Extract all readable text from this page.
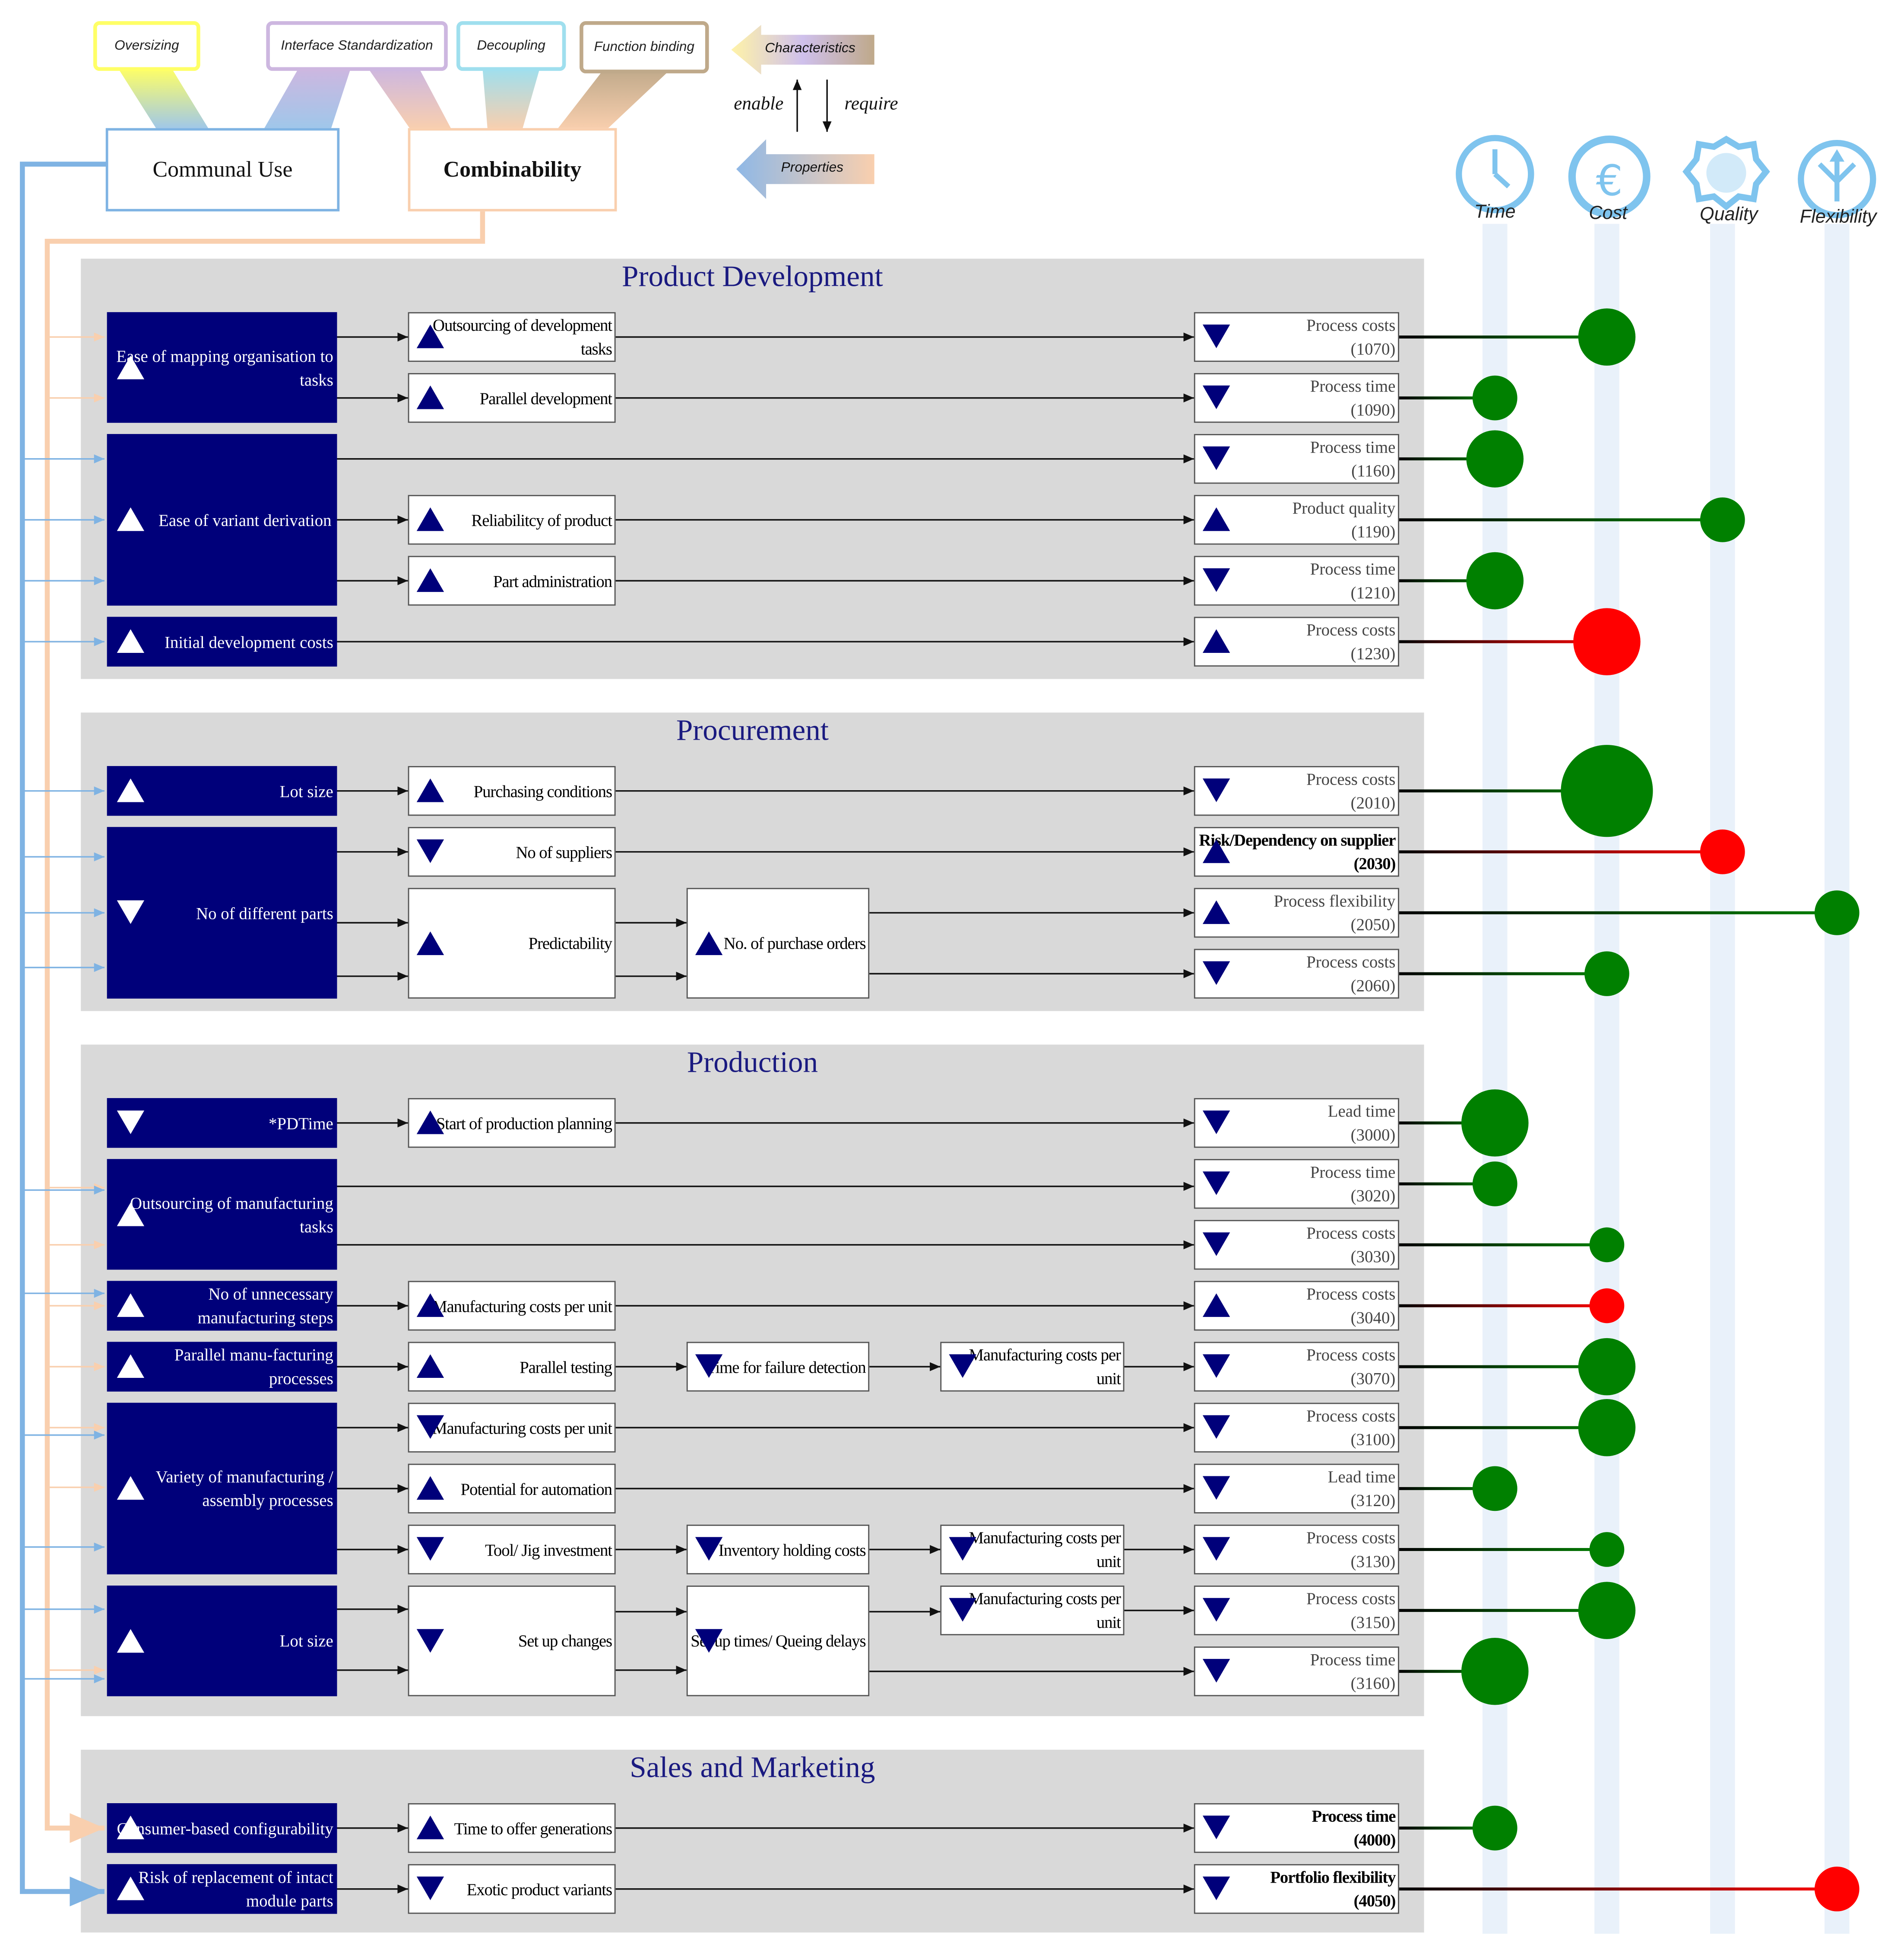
Oversizing	Interface Standardization	Decoupling	Function binding
Communal Use	Combinability
Characteristics
Properties
enable	require
€
Time	Cost	Quality	Flexibility
Product Development
Procurement
Production
Sales and Marketing
Ease of mapping organisation to tasks
Ease of variant derivation
Initial development costs
Outsourcing of development tasks
Parallel development
Reliabilitcy of product
Part administration
Lot size
No of different parts
Purchasing conditions
No of suppliers
Predictability	No. of purchase orders
*PDTime
Outsourcing of manufacturing tasks
No of unnecessary manufacturing steps
Parallel manu-facturing processes
Variety of manufacturing / assembly processes
Lot size
Start of production planning
Manufacturing costs per unit
Parallel testing	Time for failure detection
Manufacturing costs per unit
Manufacturing costs per unit
Potential for automation
Tool/ Jig investment	Inventory holding costs
Manufacturing costs per unit
Set up changes	Set up times/ Queing delays
Manufacturing costs per unit
Consumer-based configurability
Risk of replacement of intact module parts
Time to offer generations
Exotic product variants
Process costs
(1070)
Process time
(1090)
Process time
(1160)
Product quality
(1190)
Process time
(1210)
Process costs
(1230)
Process costs
(2010)
Risk/Dependency on supplier (2030)
Process flexibility
(2050)
Process costs
(2060)
Lead time
(3000)
Process time
(3020)
Process costs
(3030)
Process costs
(3040)
Process costs
(3070)
Process costs
(3100)
Lead time
(3120)
Process costs
(3130)
Process costs
(3150)
Process time
(3160)
Process time
(4000)
Portfolio flexibility
(4050)
